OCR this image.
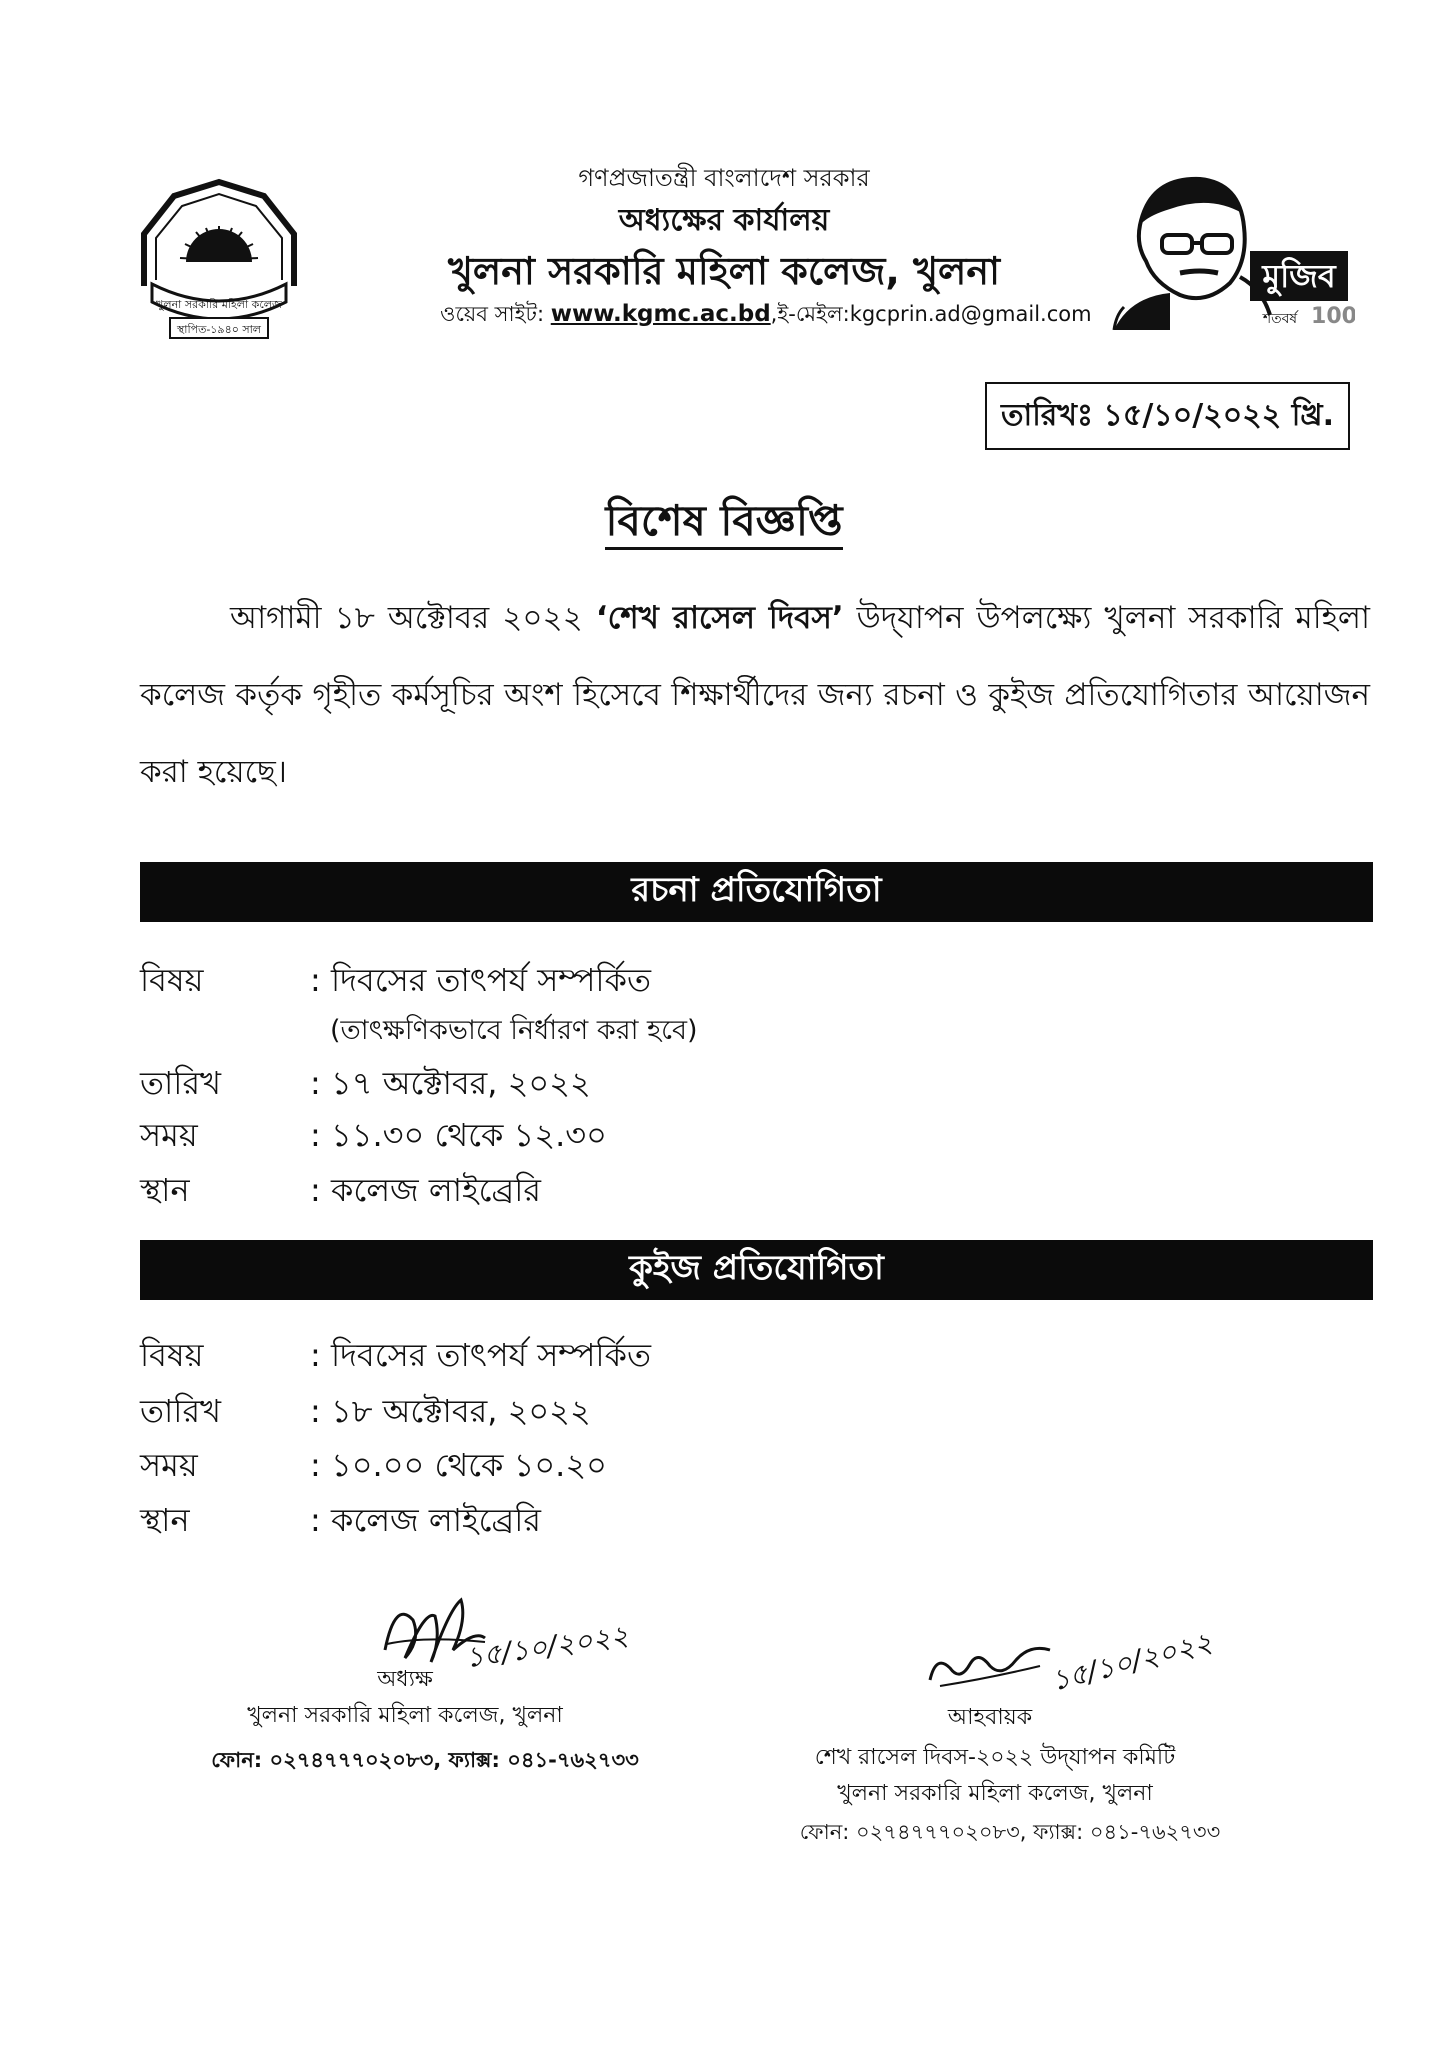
খুলনা সরকারি মহিলা কলেজ
স্থাপিত-১৯৪০ সাল
মুজিব
শতবর্ষ 100
গণপ্রজাতন্ত্রী বাংলাদেশ সরকার
অধ্যক্ষের কার্যালয়
খুলনা সরকারি মহিলা কলেজ, খুলনা
ওয়েব সাইট: www.kgmc.ac.bd,ই-মেইল:kgcprin.ad@gmail.com
তারিখঃ ১৫/১০/২০২২ খ্রি.
বিশেষ বিজ্ঞপ্তি
আগামী ১৮ অক্টোবর ২০২২ ‘শেখ রাসেল দিবস’ উদ্‌যাপন উপলক্ষ্যে খুলনা সরকারি মহিলা কলেজ কর্তৃক গৃহীত কর্মসূচির অংশ হিসেবে শিক্ষার্থীদের জন্য রচনা ও কুইজ প্রতিযোগিতার আয়োজন করা হয়েছে।
রচনা প্রতিযোগিতা
বিষয়	: দিবসের তাৎপর্য সম্পর্কিত
(তাৎক্ষণিকভাবে নির্ধারণ করা হবে)
তারিখ	: ১৭ অক্টোবর, ২০২২
সময়	: ১১.৩০ থেকে ১২.৩০
স্থান	: কলেজ লাইব্রেরি
কুইজ প্রতিযোগিতা
বিষয়	: দিবসের তাৎপর্য সম্পর্কিত
তারিখ	: ১৮ অক্টোবর, ২০২২
সময়	: ১০.০০ থেকে ১০.২০
স্থান	: কলেজ লাইব্রেরি
১৫/১০/২০২২
অধ্যক্ষ
খুলনা সরকারি মহিলা কলেজ, খুলনা
ফোন: ০২৭৪৭৭৭০২০৮৩, ফ্যাক্স: ০৪১-৭৬২৭৩৩
১৫/১০/২০২২
আহবায়ক
শেখ রাসেল দিবস-২০২২ উদ্‌যাপন কমিটি
খুলনা সরকারি মহিলা কলেজ, খুলনা
ফোন: ০২৭৪৭৭৭০২০৮৩, ফ্যাক্স: ০৪১-৭৬২৭৩৩
